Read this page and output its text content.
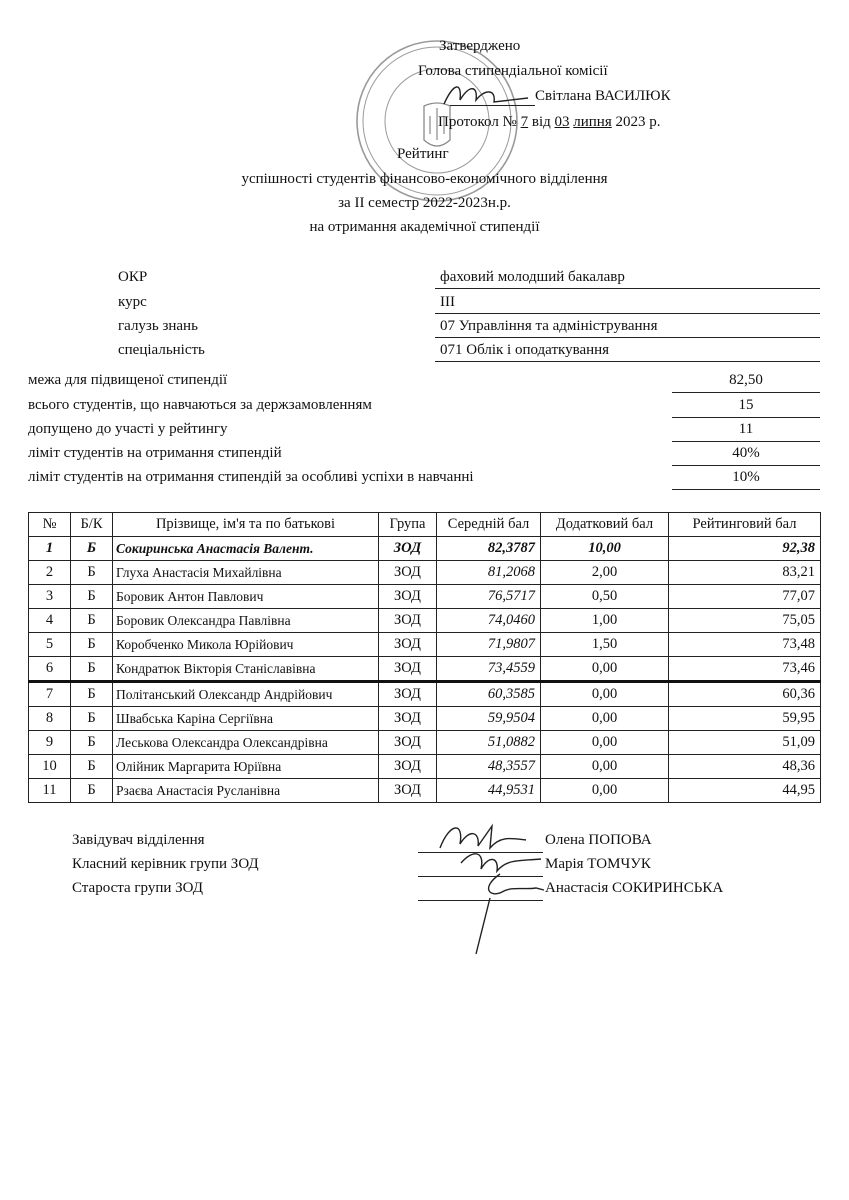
Затверджено
Голова стипендіальної комісії
Світлана ВАСИЛЮК
Протокол № 7 від 03 липня 2023 р.
Рейтинг
успішності студентів фінансово-економічного відділення
за II семестр 2022-2023н.р.
на отримання академічної стипендії
ОКР	фаховий молодший бакалавр
курс	III
галузь знань	07 Управління та адміністрування
спеціальність	071 Облік і оподаткування
межа для підвищеної стипендії	82,50
всього студентів, що навчаються за держзамовленням	15
допущено до участі у рейтингу	11
ліміт студентів на отримання стипендій	40%
ліміт студентів на отримання стипендій за особливі успіхи в навчанні	10%
№	Б/К	Прізвище, ім'я та по батькові	Група	Середній бал	Додатковий бал	Рейтинговий бал
1	Б	Сокиринська Анастасія Валент.	ЗОД	82,3787	10,00	92,38
2	Б	Глуха Анастасія Михайлівна	ЗОД	81,2068	2,00	83,21
3	Б	Боровик Антон Павлович	ЗОД	76,5717	0,50	77,07
4	Б	Боровик Олександра Павлівна	ЗОД	74,0460	1,00	75,05
5	Б	Коробченко Микола Юрійович	ЗОД	71,9807	1,50	73,48
6	Б	Кондратюк Вікторія Станіславівна	ЗОД	73,4559	0,00	73,46
7	Б	Політанський Олександр Андрійович	ЗОД	60,3585	0,00	60,36
8	Б	Швабська Каріна Сергіївна	ЗОД	59,9504	0,00	59,95
9	Б	Леськова Олександра Олександрівна	ЗОД	51,0882	0,00	51,09
10	Б	Олійник Маргарита Юріївна	ЗОД	48,3557	0,00	48,36
11	Б	Рзаєва Анастасія Русланівна	ЗОД	44,9531	0,00	44,95
Завідувач відділення	Олена ПОПОВА
Класний керівник групи ЗОД	Марія ТОМЧУК
Староста групи ЗОД	Анастасія СОКИРИНСЬКА
